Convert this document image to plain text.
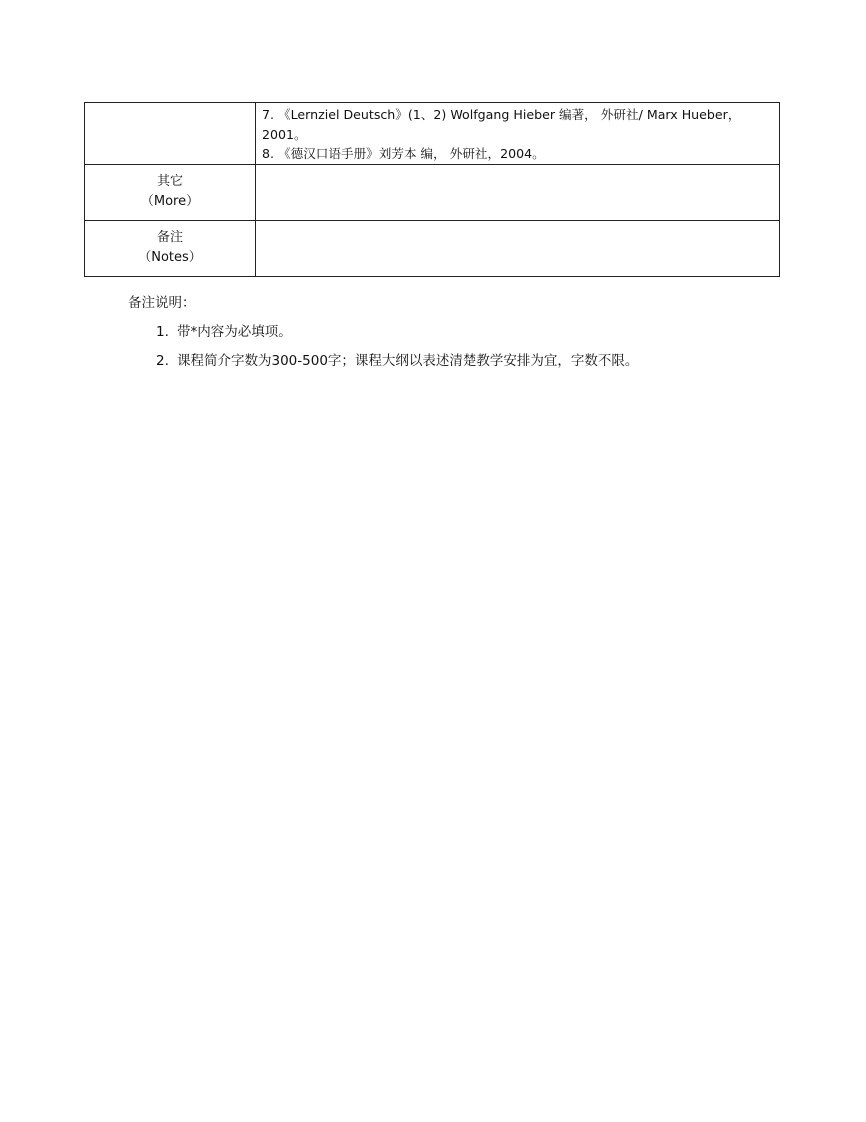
	7. 《Lernziel Deutsch》(1、2) Wolfgang Hieber 编著， 外研社/ Marx Hueber，
2001。
8. 《德汉口语手册》刘芳本 编， 外研社，2004。

其它
（More）	

备注
（Notes）	

备注说明：
1. 带*内容为必填项。
2. 课程简介字数为300-500字；课程大纲以表述清楚教学安排为宜，字数不限。
